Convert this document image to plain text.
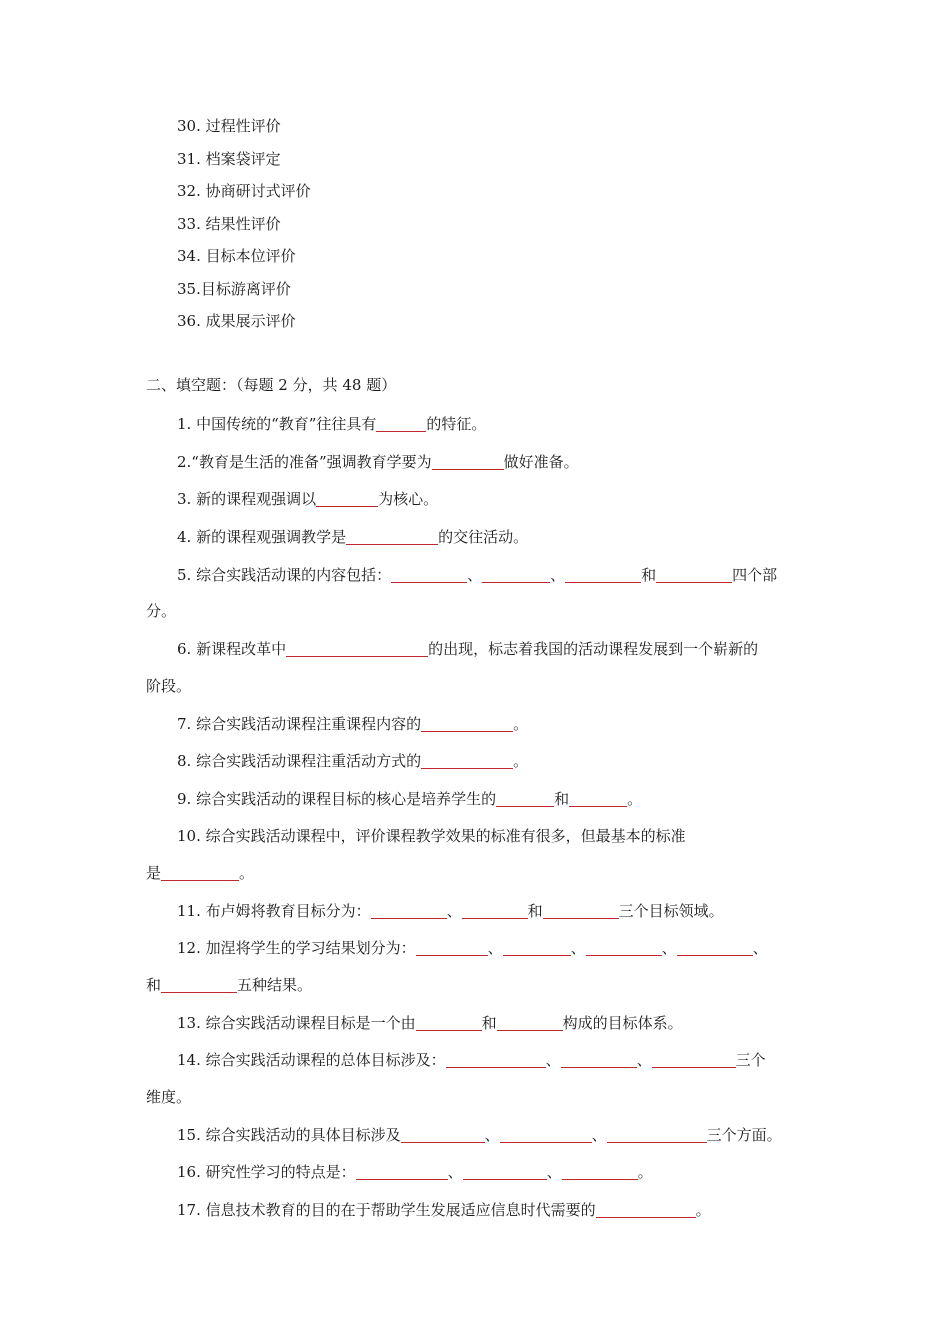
30. 过程性评价
31. 档案袋评定
32. 协商研讨式评价
33. 结果性评价
34. 目标本位评价
35.目标游离评价
36. 成果展示评价
二、填空题：（每题 2 分，共 48 题）
1. 中国传统的“教育”往往具有	的特征。
2.“教育是生活的准备”强调教育学要为	做好准备。
3. 新的课程观强调以	为核心。
4. 新的课程观强调教学是	的交往活动。
5. 综合实践活动课的内容包括：	、	、	和	四个部
分。
6. 新课程改革中	的出现，标志着我国的活动课程发展到一个崭新的
阶段。
7. 综合实践活动课程注重课程内容的	。
8. 综合实践活动课程注重活动方式的	。
9. 综合实践活动的课程目标的核心是培养学生的	和	。
10. 综合实践活动课程中，评价课程教学效果的标准有很多，但最基本的标准
是	。
11. 布卢姆将教育目标分为：	、	和	三个目标领域。
12. 加涅将学生的学习结果划分为：	、	、	、	、
和	五种结果。
13. 综合实践活动课程目标是一个由	和	构成的目标体系。
14. 综合实践活动课程的总体目标涉及：	、	、	三个
维度。
15. 综合实践活动的具体目标涉及	、	、	三个方面。
16. 研究性学习的特点是：	、	、	。
17. 信息技术教育的目的在于帮助学生发展适应信息时代需要的	。
